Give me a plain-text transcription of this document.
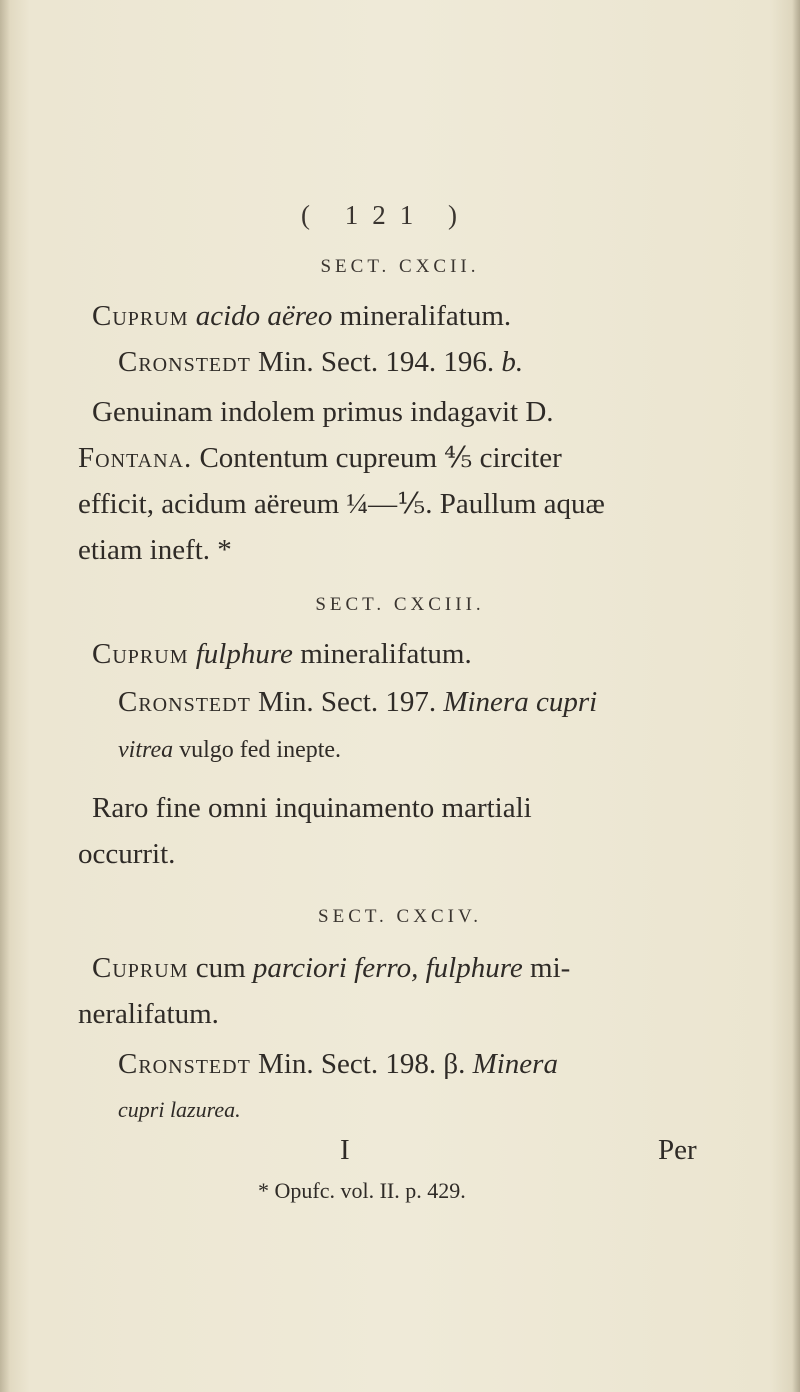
( 121 )
SECT. CXCII.
Cuprum acido aëreo mineralifatum.
Cronstedt Min. Sect. 194. 196. b.
Genuinam indolem primus indagavit D.
Fontana. Contentum cupreum ⅘ circiter
efficit, acidum aëreum ¼—⅕. Paullum aquæ
etiam ineft. *
SECT. CXCIII.
Cuprum fulphure mineralifatum.
Cronstedt Min. Sect. 197. Minera cupri
vitrea vulgo fed inepte.
Raro fine omni inquinamento martiali
occurrit.
SECT. CXCIV.
Cuprum cum parciori ferro, fulphure mi-
neralifatum.
Cronstedt Min. Sect. 198. β. Minera
cupri lazurea.
I	Per
* Opufc. vol. II. p. 429.
